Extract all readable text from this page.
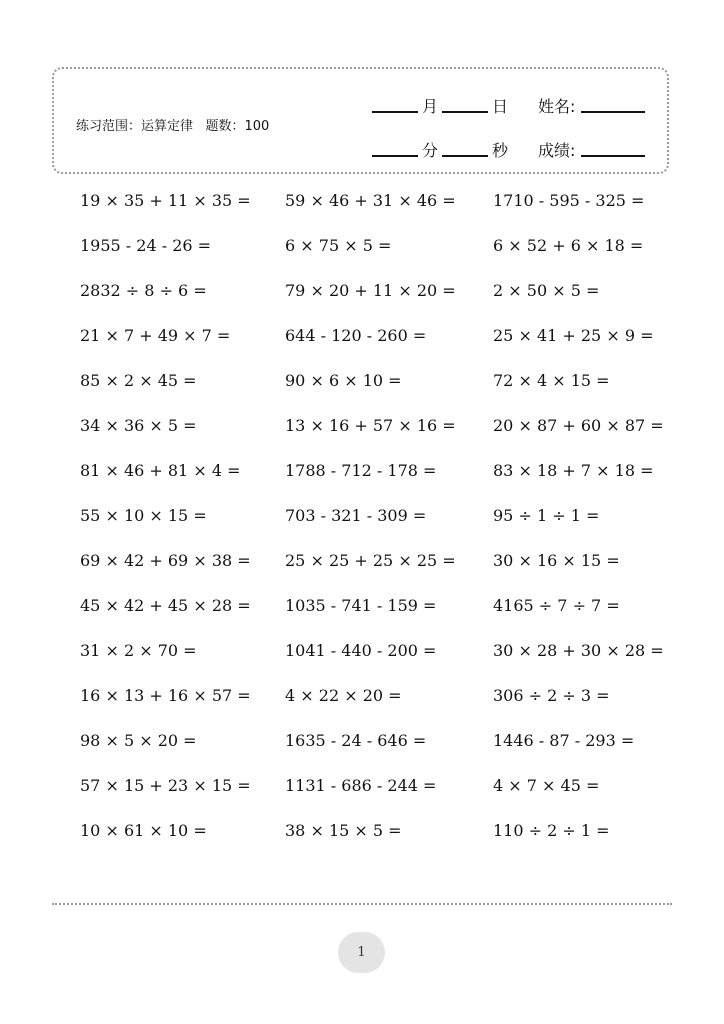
练习范围：运算定律 题数：100
月	日 姓名:
分	秒 成绩:
19 × 35 + 11 × 35 =	59 × 46 + 31 × 46 =	1710 - 595 - 325 =
1955 - 24 - 26 =	6 × 75 × 5 =	6 × 52 + 6 × 18 =
2832 ÷ 8 ÷ 6 =	79 × 20 + 11 × 20 =	2 × 50 × 5 =
21 × 7 + 49 × 7 =	644 - 120 - 260 =	25 × 41 + 25 × 9 =
85 × 2 × 45 =	90 × 6 × 10 =	72 × 4 × 15 =
34 × 36 × 5 =	13 × 16 + 57 × 16 =	20 × 87 + 60 × 87 =
81 × 46 + 81 × 4 =	1788 - 712 - 178 =	83 × 18 + 7 × 18 =
55 × 10 × 15 =	703 - 321 - 309 =	95 ÷ 1 ÷ 1 =
69 × 42 + 69 × 38 =	25 × 25 + 25 × 25 =	30 × 16 × 15 =
45 × 42 + 45 × 28 =	1035 - 741 - 159 =	4165 ÷ 7 ÷ 7 =
31 × 2 × 70 =	1041 - 440 - 200 =	30 × 28 + 30 × 28 =
16 × 13 + 16 × 57 =	4 × 22 × 20 =	306 ÷ 2 ÷ 3 =
98 × 5 × 20 =	1635 - 24 - 646 =	1446 - 87 - 293 =
57 × 15 + 23 × 15 =	1131 - 686 - 244 =	4 × 7 × 45 =
10 × 61 × 10 =	38 × 15 × 5 =	110 ÷ 2 ÷ 1 =
1
